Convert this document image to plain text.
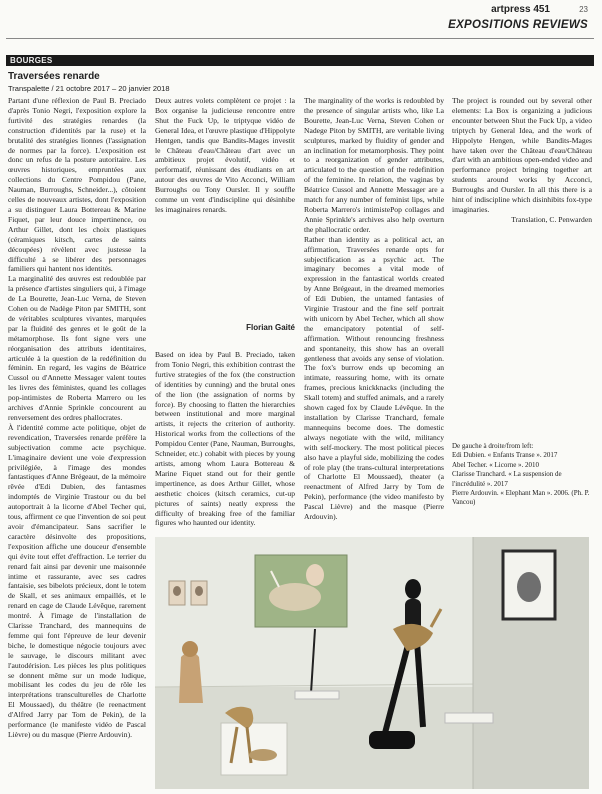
artpress 451	23
EXPOSITIONS REVIEWS
BOURGES
Traversées renarde
Transpalette / 21 octobre 2017 – 20 janvier 2018

Partant d'une réflexion de Paul B. Preciado d'après Tonio Negri, l'exposition explore la furtivité des stratégies renardes (la construction d'identités par la ruse) et la brutalité des stratégies lionnes (l'assignation de normes par la force). L'exposition est donc un refus de la posture autoritaire. Les œuvres historiques, empruntées aux collections du Centre Pompidou (Pane, Nauman, Burroughs, Schneider...), côtoient celles de nouveaux artistes, dont l'exposition a su distinguer Laura Bottereau & Marine Fiquet, par leur douce impertinence, ou Arthur Gillet, dont les choix plastiques (céramiques kitsch, cartes de saints découpées) révèlent avec justesse la difficulté à se libérer des personnages familiers qui hantent nos identités.

La marginalité des œuvres est redoublée par la présence d'artistes singuliers qui, à l'image de La Bourette, Jean-Luc Verna, de Steven Cohen ou de Nadège Piton par SMITH, sont de véritables sculptures vivantes, marquées par la fluidité des genres et le goût de la métamorphose. Ils font signe vers une réorganisation des attributs identitaires, articulée à la question de la redéfinition du féminin. En regard, les vagins de Béatrice Cussol ou d'Annette Messager valent toutes les livres des féministes, quand les collages pop-intimistes de Roberta Marrero ou les archives d'Annie Sprinkle concourent au renversement des ordres phallocrates.

À l'identité comme acte politique, objet de revendication, Traversées renarde préfère la subjectivation comme acte psychique. L'imaginaire devient une voie d'expression privilégiée, à l'image des mondes fantastiques d'Anne Brégeaut, de la mémoire rêvée d'Edi Dubien, des fantasmes indomptés de Virginie Trastour ou du bel autoportrait à la licorne d'Abel Techer qui, tous, affirment ce que l'invention de soi peut avoir d'émancipateur. Sans sacrifier le caractère désinvolte des propositions, l'exposition affiche une douceur d'ensemble qui évite tout effet d'effraction. Le terrier du renard fait ainsi par devenir une maisonnée intime et rassurante, avec ses cadres fantaisie, ses bibelots précieux, dont le totem de Skall, et ses animaux empaillés, et le renard en cage de Claude Lévêque, rarement montré. À l'image de l'installation de Clarisse Tranchard, des mannequins de femme qui font l'épreuve de leur devenir biche, le domestique négocie toujours avec le sauvage, le discours militant avec l'autodérision. Les pièces les plus politiques se donnent même sur un mode ludique, mobilisant les codes du jeu de rôle les interprétations transculturelles de Charlotte El Moussaed), du théâtre (le reenactment d'Alfred Jarry par Tom de Pekin), de la performance (le manifeste vidéo de Pascal Lièvre) ou du masque (Pierre Ardouvin).

Deux autres volets complètent ce projet : la Box organise la judicieuse rencontre entre Shut the Fuck Up, le triptyque vidéo de General Idea, et l'œuvre plastique d'Hippolyte Hentgen, tandis que Bandits-Mages investit le Château d'eau/Château d'art avec un ambitieux projet évolutif, vidéo et performatif, réunissant des étudiants en art autour des œuvres de Vito Acconci, William Burroughs ou Tony Oursler. Il y souffle comme un vent d'indiscipline qui désinhibe les imaginaires renards.

Florian Gaité

Based on idea by Paul B. Preciado, taken from Tonio Negri, this exhibition contrast the furtive strategies of the fox (the construction of identities by cunning) and the brutal ones of the lion (the assignation of norms by force). By choosing to flatten the hierarchies between institutional and more marginal artists, it rejects the criterion of authority. Historical works from the collections of the Pompidou Center (Pane, Nauman, Burroughs, Schneider, etc.) cohabit with pieces by young artists, among whom Laura Bottereau & Marine Fiquet stand out for their gentle impertinence, as does Arthur Gillet, whose aesthetic choices (kitsch ceramics, cut-up pictures of saints) neatly express the difficulty of breaking free of the familiar figures who haunted our identity.

The marginality of the works is redoubled by the presence of singular artists who, like La Bourette, Jean-Luc Verna, Steven Cohen or Nadege Piton by SMITH, are veritable living sculptures, marked by fluidity of gender and an inclination for metamorphosis. They point to a reorganization of gender attributes, articulated to the question of the redefinition of the feminine. In relation, the vaginas by Béatrice Cussol and Annette Messager are a match for any number of feminist lips, while Roberta Marrero's intimistePop collages and Annie Sprinkle's archives also help overturn the phallocratic order.

Rather than identity as a political act, an affirmation, Traversées renarde opts for subjectification as a psychic act. The imaginary becomes a vital mode of expression in the fantastical worlds created by Anne Brégeaut, in the dreamed memories of Edi Dubien, the untamed fantasies of Virginie Trastour and the fine self portrait with unicorn by Abel Techer, which all show the emancipatory potential of self-affirmation. Without renouncing freshness and spontaneity, this show has an overall gentleness that avoids any sense of violation. The fox's burrow ends up becoming an intimate, reassuring home, with its ornate frames, precious knickknacks (including the Skall totem) and stuffed animals, and a rarely shown caged fox by Claude Lévêque. In the installation by Clarisse Tranchard, female mannequins become does. The domestic always negotiate with the wild, militancy with self-mockery. The most political pieces also have a playful side, mobilizing the codes of role play (the trans-cultural interpretations of Charlotte El Moussaed), theater (a reenactment of Alfred Jarry by Tom de Pekin), performance (the video manifesto by Pascal Lièvre) and the masque (Pierre Ardouvin).

The project is rounded out by several other elements: La Box is organizing a judicious encounter between Shut the Fuck Up, a video triptych by General Idea, and the work of Hippolyte Hengen, while Bandits-Mages have taken over the Château d'eau/Château d'art with an ambitious open-ended video and performance project bringing together art students around works by Acconci, Burroughs and Oursler. In all this there is a hint of indiscipline which disinhibits fox-type imaginaries.

Translation, C. Penwarden

De gauche à droite/from left:

Edi Dubien. « Enfants Transe ». 2017

Abel Techer. « Licorne ». 2010

Clarisse Tranchard. « La suspension de l'incrédulité ». 2017

Pierre Ardouvin. « Elephant Man ». 2006. (Ph. P. Vancou)
